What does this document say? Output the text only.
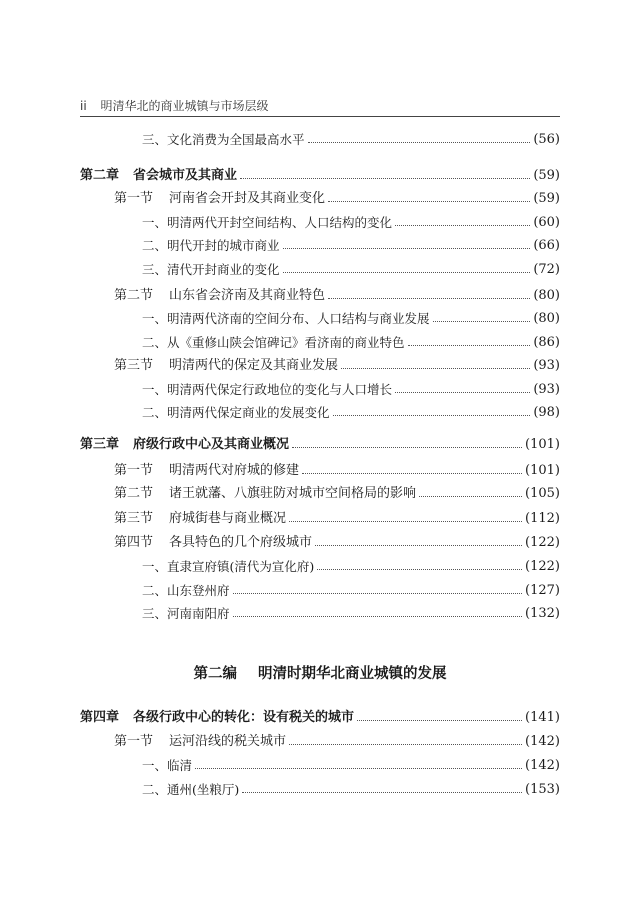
ii 明清华北的商业城镇与市场层级
三、文化消费为全国最高水平	(56)
第二章 省会城市及其商业	(59)
第一节 河南省会开封及其商业变化	(59)
一、明清两代开封空间结构、人口结构的变化	(60)
二、明代开封的城市商业	(66)
三、清代开封商业的变化	(72)
第二节 山东省会济南及其商业特色	(80)
一、明清两代济南的空间分布、人口结构与商业发展	(80)
二、从《重修山陕会馆碑记》看济南的商业特色	(86)
第三节 明清两代的保定及其商业发展	(93)
一、明清两代保定行政地位的变化与人口增长	(93)
二、明清两代保定商业的发展变化	(98)
第三章 府级行政中心及其商业概况	(101)
第一节 明清两代对府城的修建	(101)
第二节 诸王就藩、八旗驻防对城市空间格局的影响	(105)
第三节 府城街巷与商业概况	(112)
第四节 各具特色的几个府级城市	(122)
一、直隶宣府镇(清代为宣化府)	(122)
二、山东登州府	(127)
三、河南南阳府	(132)
第四章 各级行政中心的转化：设有税关的城市	(141)
第一节 运河沿线的税关城市	(142)
一、临清	(142)
二、通州(坐粮厅)	(153)
第二编 明清时期华北商业城镇的发展
